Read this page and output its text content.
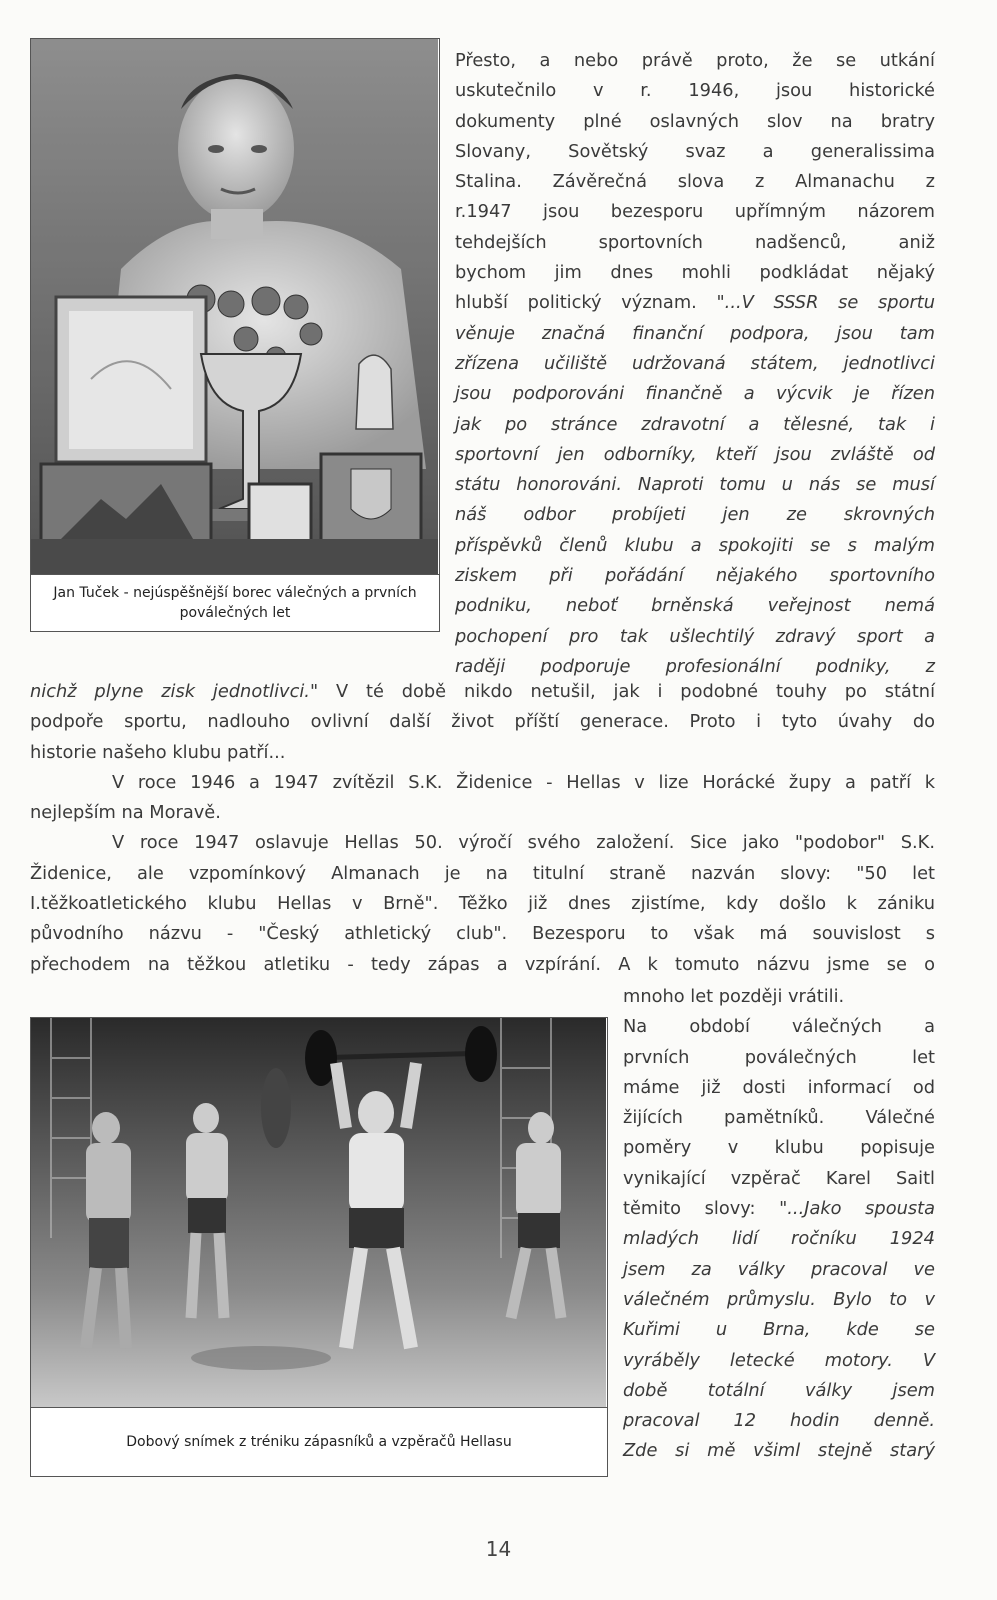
Jan Tuček - nejúspěšnější borec válečných a prvních poválečných let
Přesto, a nebo právě proto, že se utkání
uskutečnilo v r. 1946, jsou historické
dokumenty plné oslavných slov na bratry
Slovany, Sovětský svaz a generalissima
Stalina. Závěrečná slova z Almanachu z
r.1947 jsou bezesporu upřímným názorem
tehdejších sportovních nadšenců, aniž
bychom jim dnes mohli podkládat nějaký
hlubší politický význam. "...V SSSR se sportu
věnuje značná finanční podpora, jsou tam
zřízena učiliště udržovaná státem, jednotlivci
jsou podporováni finančně a výcvik je řízen
jak po stránce zdravotní a tělesné, tak i
sportovní jen odborníky, kteří jsou zvláště od
státu honorováni. Naproti tomu u nás se musí
náš odbor probíjeti jen ze skrovných
příspěvků členů klubu a spokojiti se s malým
ziskem při pořádání nějakého sportovního
podniku, neboť brněnská veřejnost nemá
pochopení pro tak ušlechtilý zdravý sport a
raději podporuje profesionální podniky, z
nichž plyne zisk jednotlivci." V té době nikdo netušil, jak i podobné touhy po státní
podpoře sportu, nadlouho ovlivní další život příští generace. Proto i tyto úvahy do
historie našeho klubu patří...
V roce 1946 a 1947 zvítězil S.K. Židenice - Hellas v lize Horácké župy a patří k
nejlepším na Moravě.
V roce 1947 oslavuje Hellas 50. výročí svého založení. Sice jako "podobor" S.K.
Židenice, ale vzpomínkový Almanach je na titulní straně nazván slovy: "50 let
I.těžkoatletického klubu Hellas v Brně". Těžko již dnes zjistíme, kdy došlo k zániku
původního názvu - "Český athletický club". Bezesporu to však má souvislost s
přechodem na těžkou atletiku - tedy zápas a vzpírání. A k tomuto názvu jsme se o
Dobový snímek z tréniku zápasníků a vzpěračů Hellasu
mnoho let později vrátili.
Na období válečných a
prvních poválečných let
máme již dosti informací od
žijících pamětníků. Válečné
poměry v klubu popisuje
vynikající vzpěrač Karel Saitl
těmito slovy: "...Jako spousta
mladých lidí ročníku 1924
jsem za války pracoval ve
válečném průmyslu. Bylo to v
Kuřimi u Brna, kde se
vyráběly letecké motory. V
době totální války jsem
pracoval 12 hodin denně.
Zde si mě všiml stejně starý
14
